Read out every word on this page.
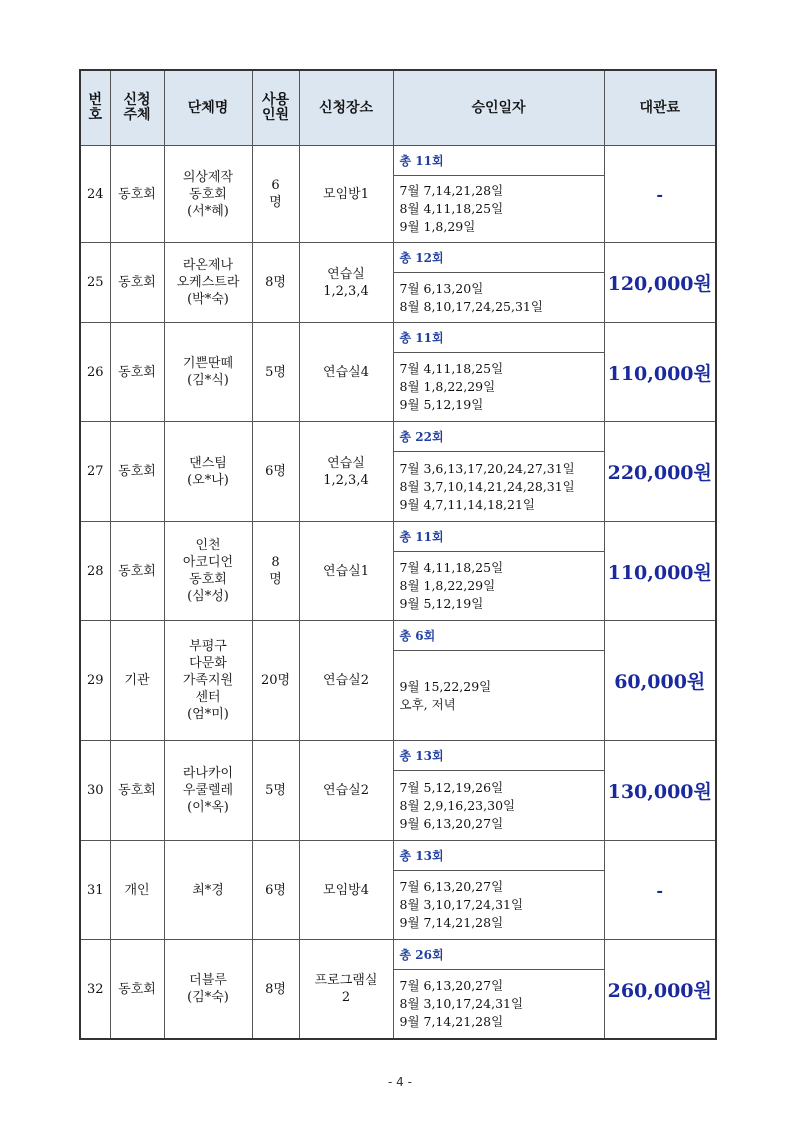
번
호	신청
주체	단체명	사용
인원	신청장소	승인일자	대관료
24	동호회	의상제작
동호회
(서*혜)	6
명	모임방1	총 11회	-
					7월 7,14,21,28일
8월 4,11,18,25일
9월 1,8,29일	
25	동호회	라온제나
오케스트라
(박*숙)	8명	연습실
1,2,3,4	총 12회	120,000원
					7월 6,13,20일
8월 8,10,17,24,25,31일	
26	동호회	기쁜딴떼
(김*식)	5명	연습실4	총 11회	110,000원
					7월 4,11,18,25일
8월 1,8,22,29일
9월 5,12,19일	
27	동호회	댄스팀
(오*나)	6명	연습실
1,2,3,4	총 22회	220,000원
					7월 3,6,13,17,20,24,27,31일
8월 3,7,10,14,21,24,28,31일
9월 4,7,11,14,18,21일	
28	동호회	인천
아코디언
동호회
(심*성)	8
명	연습실1	총 11회	110,000원
					7월 4,11,18,25일
8월 1,8,22,29일
9월 5,12,19일	
29	기관	부평구
다문화
가족지원
센터
(엄*미)	20명	연습실2	총 6회	60,000원
					9월 15,22,29일
오후, 저녁	
30	동호회	라나카이
우쿨렐레
(이*옥)	5명	연습실2	총 13회	130,000원
					7월 5,12,19,26일
8월 2,9,16,23,30일
9월 6,13,20,27일	
31	개인	최*경	6명	모임방4	총 13회	-
					7월 6,13,20,27일
8월 3,10,17,24,31일
9월 7,14,21,28일	
32	동호회	더블루
(김*숙)	8명	프로그램실
2	총 26회	260,000원
					7월 6,13,20,27일
8월 3,10,17,24,31일
9월 7,14,21,28일	
- 4 -
